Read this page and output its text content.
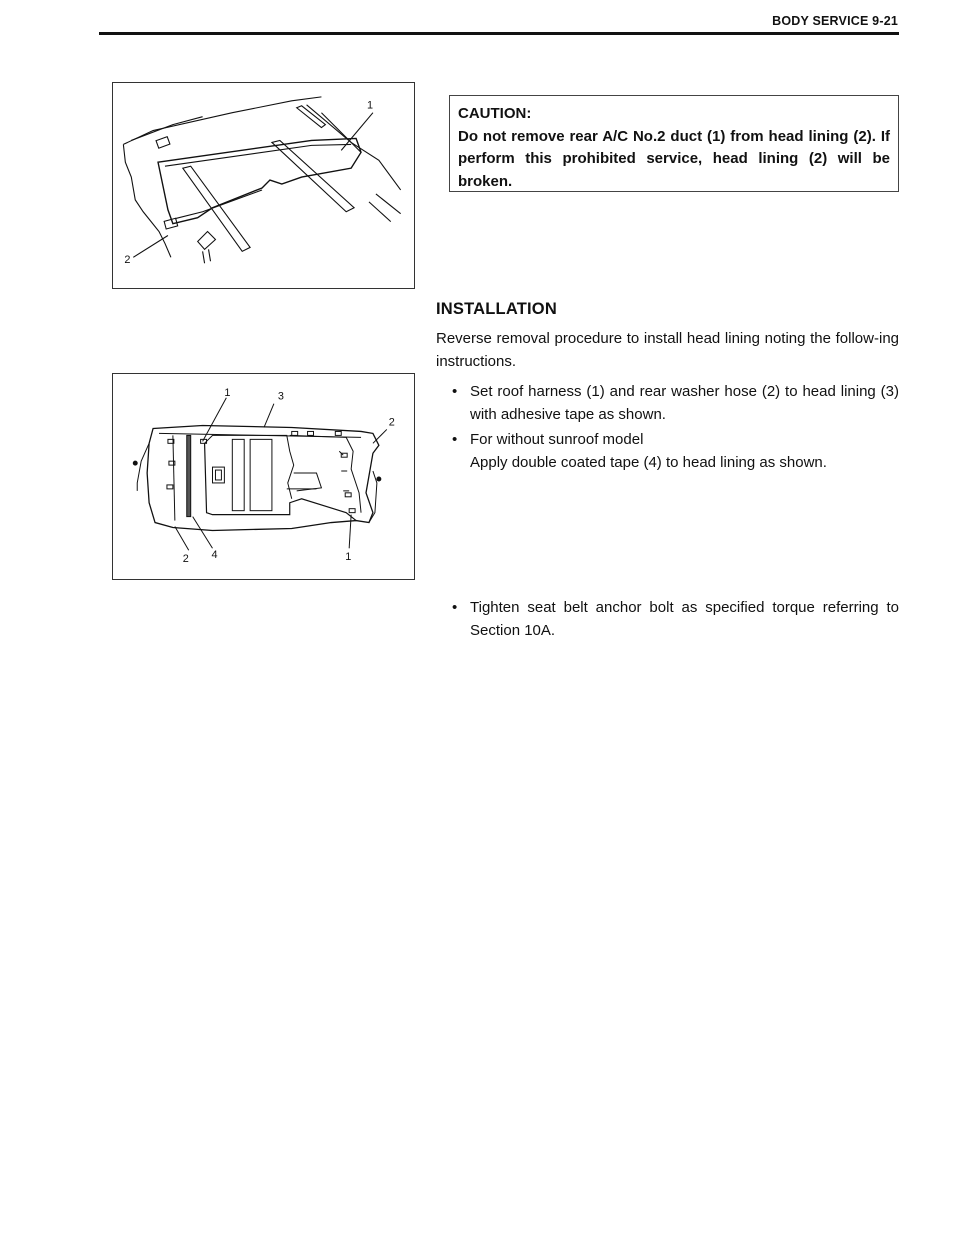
BODY SERVICE 9-21
1
2
CAUTION:
Do not remove rear A/C No.2 duct (1) from head lining (2). If perform this prohibited service, head lining (2) will be broken.
INSTALLATION
Reverse removal procedure to install head lining noting the follow-ing instructions.
1	3
2
2 4	1
• Set roof harness (1) and rear washer hose (2) to head lining (3) with adhesive tape as shown.
• For without sunroof model
Apply double coated tape (4) to head lining as shown.
• Tighten seat belt anchor bolt as specified torque referring to Section 10A.
